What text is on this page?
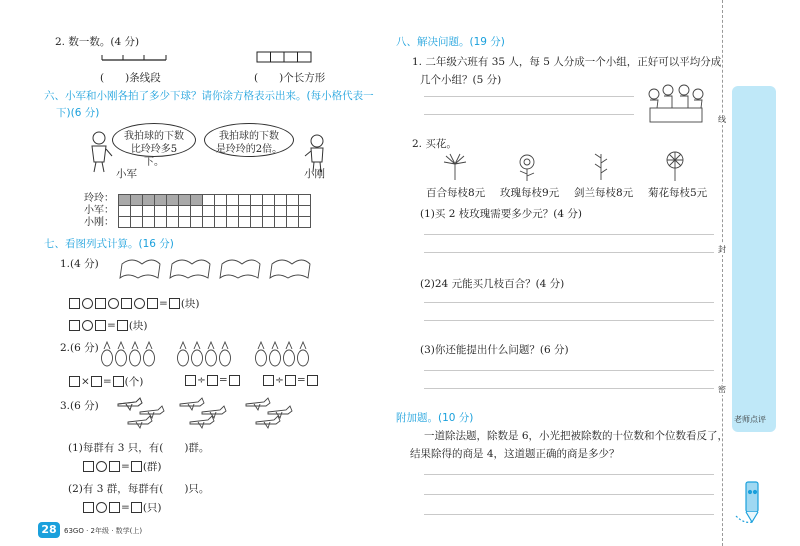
2. 数一数。(4 分)
(　　)条线段	(　　)个长方形
六、小军和小刚各拍了多少下球？请你涂方格表示出来。(每小格代表一
下)(6 分)
我拍球的下数比玲玲多5下。
我拍球的下数是玲玲的2倍。
小军	小刚
玲玲：
小军：
小刚：

七、看图列式计算。(16 分)
1.(4 分)
= (块)
= (块)
2.(6 分)
× = (个)	÷ =	÷ =
3.(6 分)
(1)每群有 3 只，有(　　)群。
= (群)
(2)有 3 群，每群有(　　)只。
= (只)
28	63GO · 2年级 · 数学(上)
八、解决问题。(19 分)
1. 二年级六班有 35 人，每 5 人分成一个小组，正好可以平均分成
几个小组？(5 分)
2. 买花。
百合每枝8元 玫瑰每枝9元 剑兰每枝8元 菊花每枝5元
(1)买 2 枝玫瑰需要多少元？(4 分)
(2)24 元能买几枝百合？(4 分)
(3)你还能提出什么问题？(6 分)
附加题。(10 分)
一道除法题，除数是 6，小光把被除数的十位数和个位数看反了，
结果除得的商是 4，这道题正确的商是多少？
线
封
密
老师点评
